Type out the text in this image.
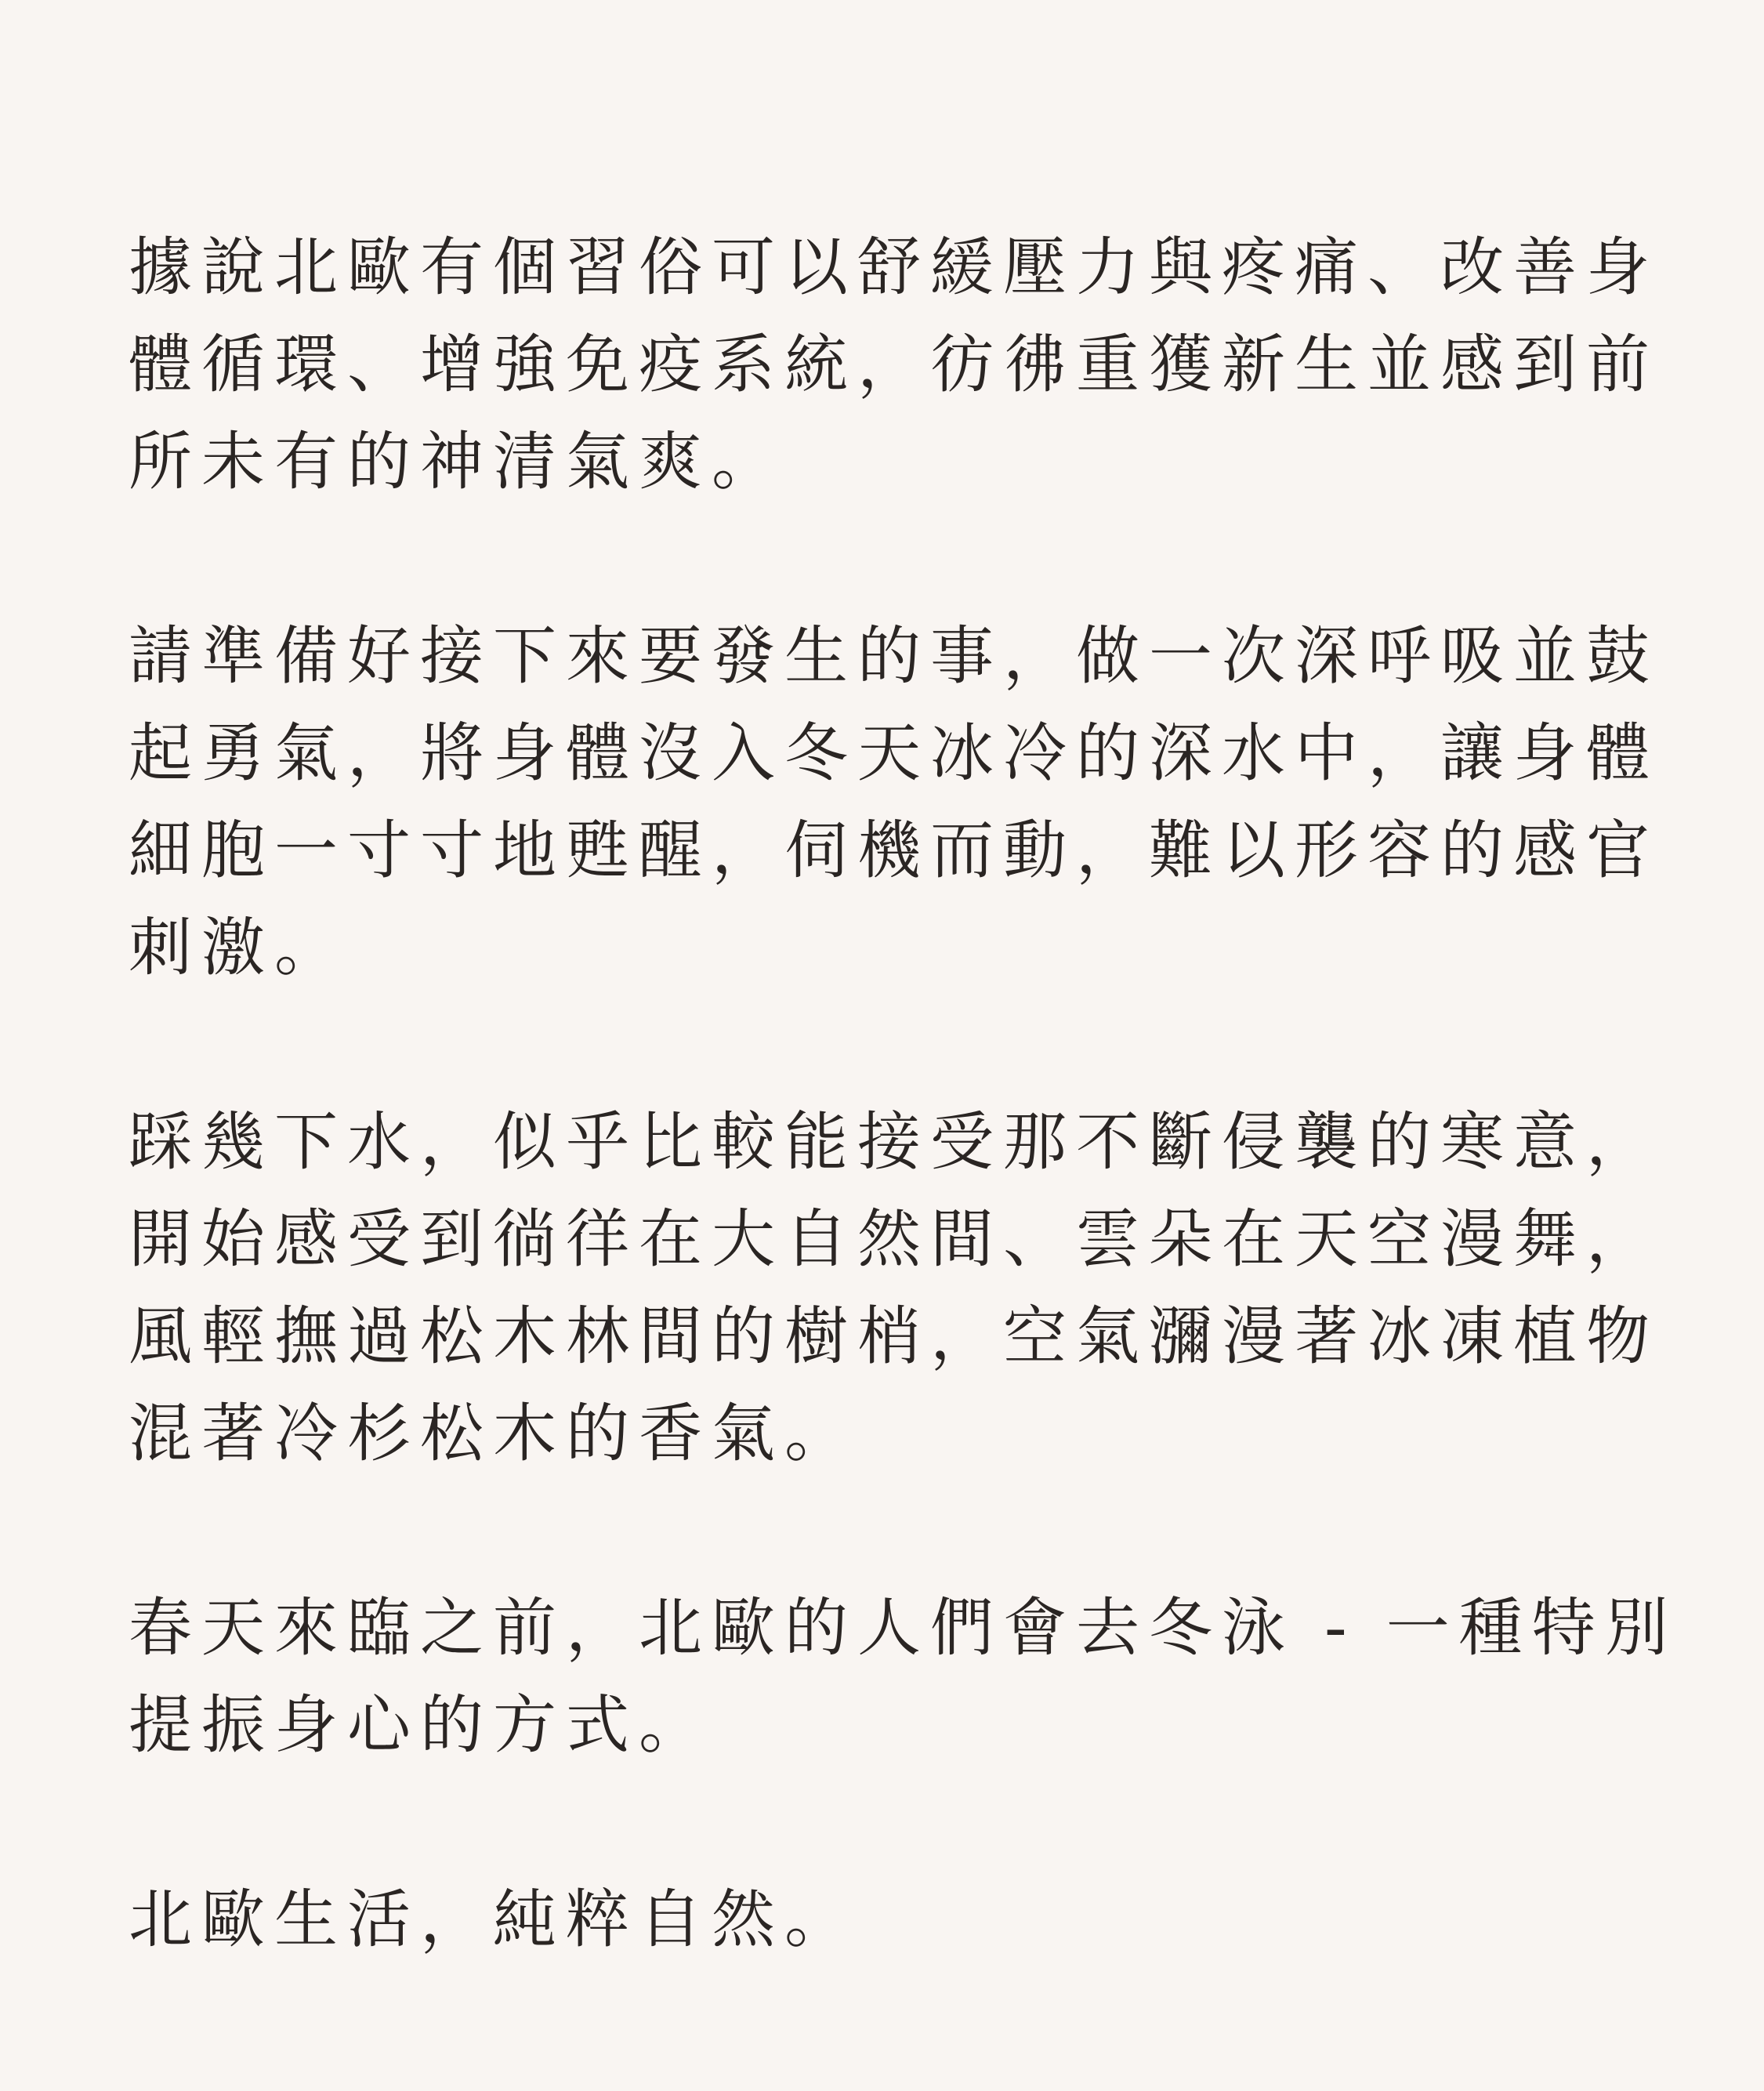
據說北歐有個習俗可以舒緩壓力與疼痛、改善身
體循環、增強免疫系統，彷彿重獲新生並感到前
所未有的神清氣爽。

請準備好接下來要發生的事，做一次深呼吸並鼓
起勇氣，將身體沒入冬天冰冷的深水中，讓身體
細胞一寸寸地甦醒，伺機而動，難以形容的感官
刺激。

踩幾下水，似乎比較能接受那不斷侵襲的寒意，
開始感受到徜徉在大自然間、雲朵在天空漫舞，
風輕撫過松木林間的樹梢，空氣瀰漫著冰凍植物
混著冷杉松木的香氣。

春天來臨之前，北歐的人們會去冬泳 - 一種特別
提振身心的方式。

北歐生活，純粹自然。
